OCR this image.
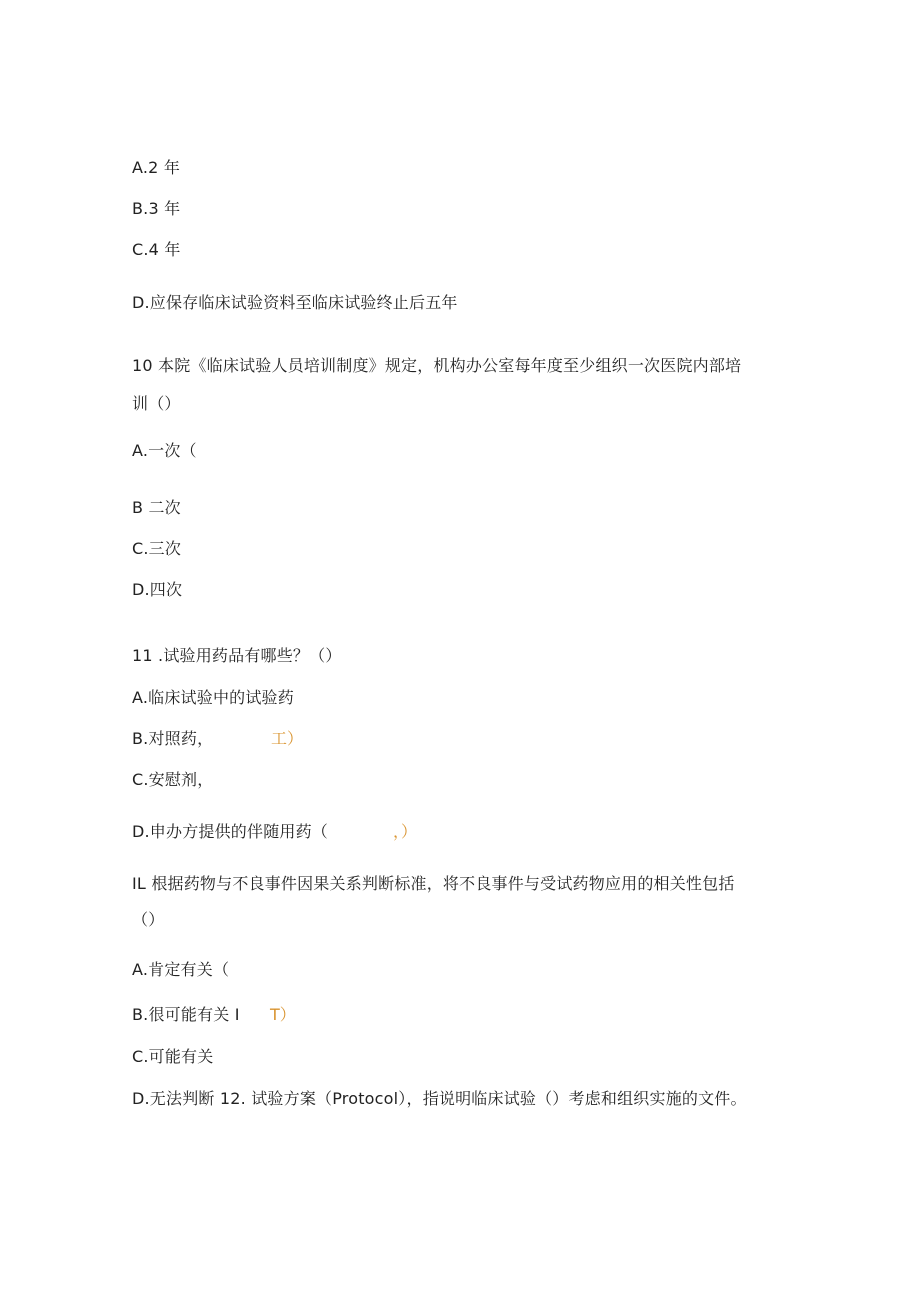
A.2 年
B.3 年
C.4 年
D.应保存临床试验资料至临床试验终止后五年
10 本院《临床试验人员培训制度》规定，机构办公室每年度至少组织一次医院内部培
训（）
A.一次（
B 二次
C.三次
D.四次
11 .试验用药品有哪些？（）
A.临床试验中的试验药
B.对照药，	工）
C.安慰剂，
D.申办方提供的伴随用药（	，）
IL 根据药物与不良事件因果关系判断标准，将不良事件与受试药物应用的相关性包括
（）
A.肯定有关（
B.很可能有关 I T）
C.可能有关
D.无法判断 12. 试验方案（Protocol），指说明临床试验（）考虑和组织实施的文件。
